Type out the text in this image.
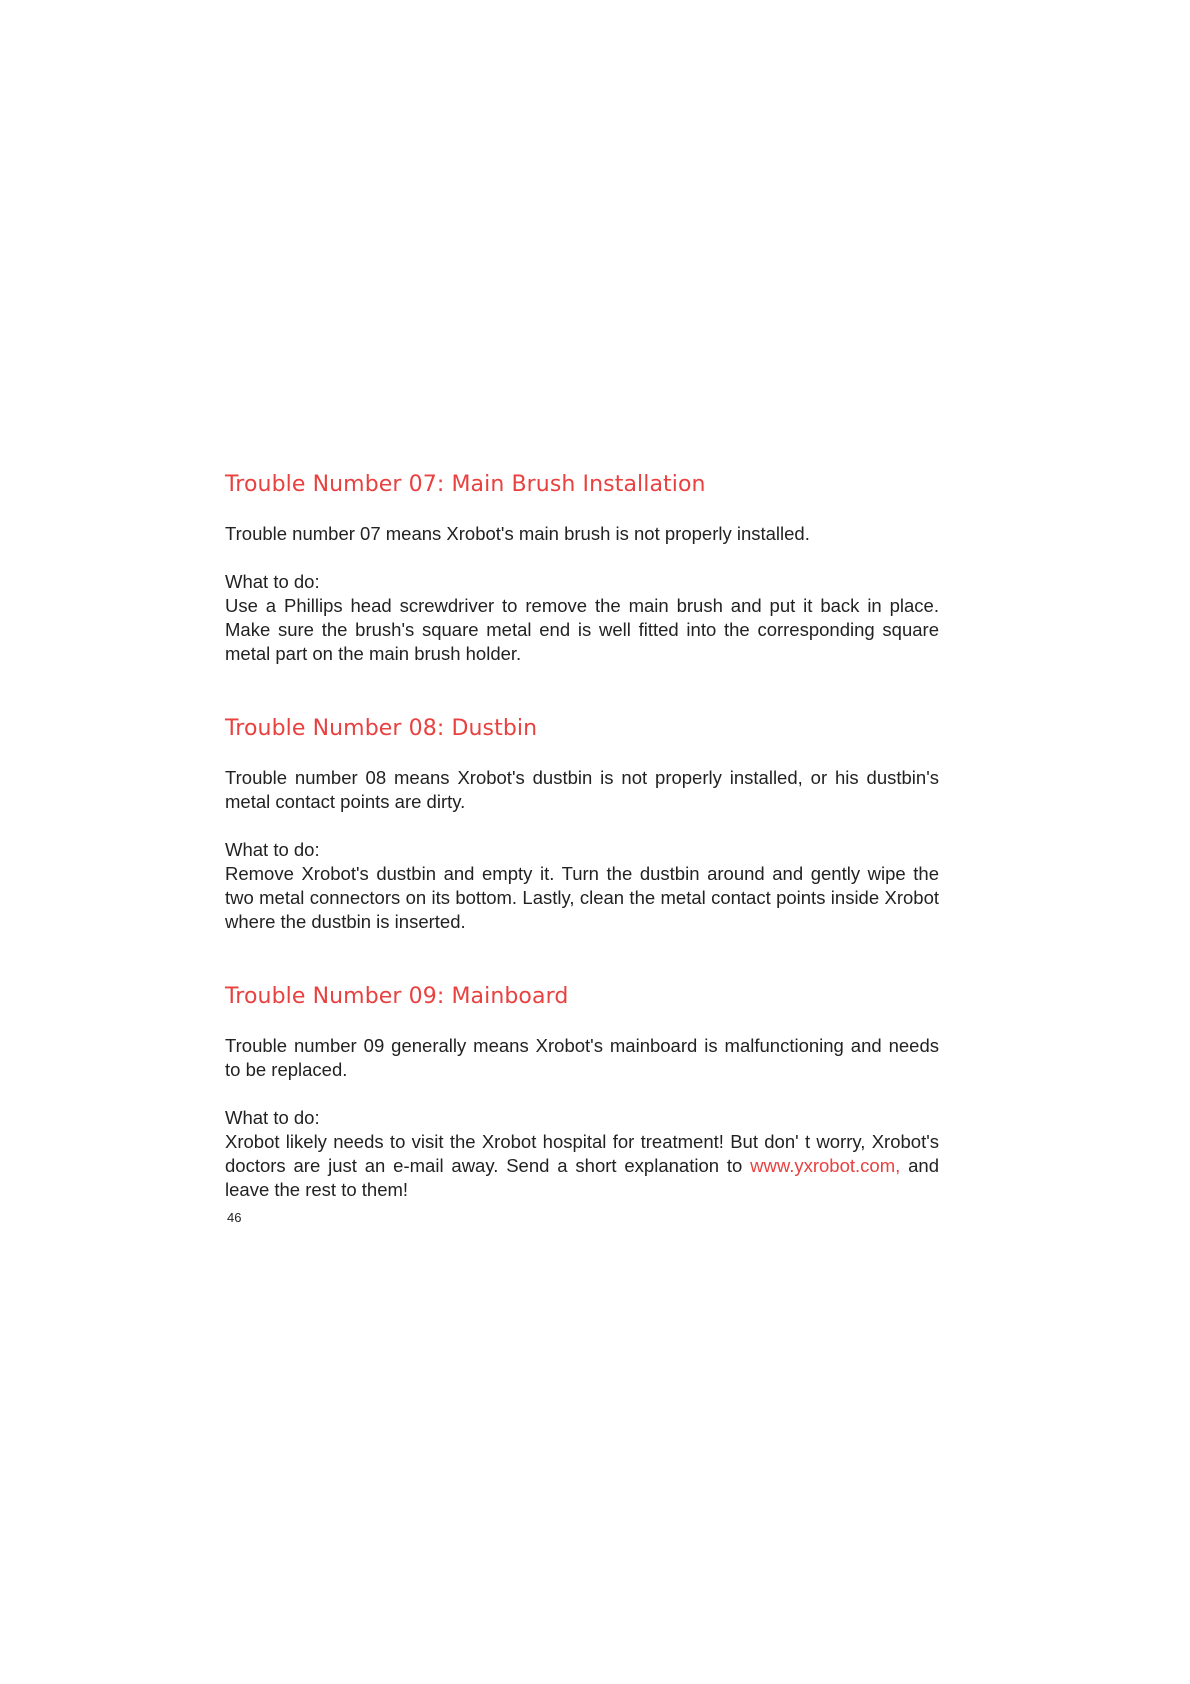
Trouble Number 07: Main Brush Installation

Trouble number 07 means Xrobot's main brush is not properly installed.

What to do:

Use a Phillips head screwdriver to remove the main brush and put it back in place. Make sure the brush's square metal end is well fitted into the corresponding square metal part on the main brush holder.

Trouble Number 08: Dustbin

Trouble number 08 means Xrobot's dustbin is not properly installed, or his dustbin's metal contact points are dirty.

What to do:

Remove Xrobot's dustbin and empty it. Turn the dustbin around and gently wipe the two metal connectors on its bottom. Lastly, clean the metal contact points inside Xrobot where the dustbin is inserted.

Trouble Number 09: Mainboard

Trouble number 09 generally means Xrobot's mainboard is malfunctioning and needs to be replaced.

What to do:

Xrobot likely needs to visit the Xrobot hospital for treatment! But don' t worry, Xrobot's doctors are just an e-mail away. Send a short explanation to www.yxrobot.com, and leave the rest to them!

46
